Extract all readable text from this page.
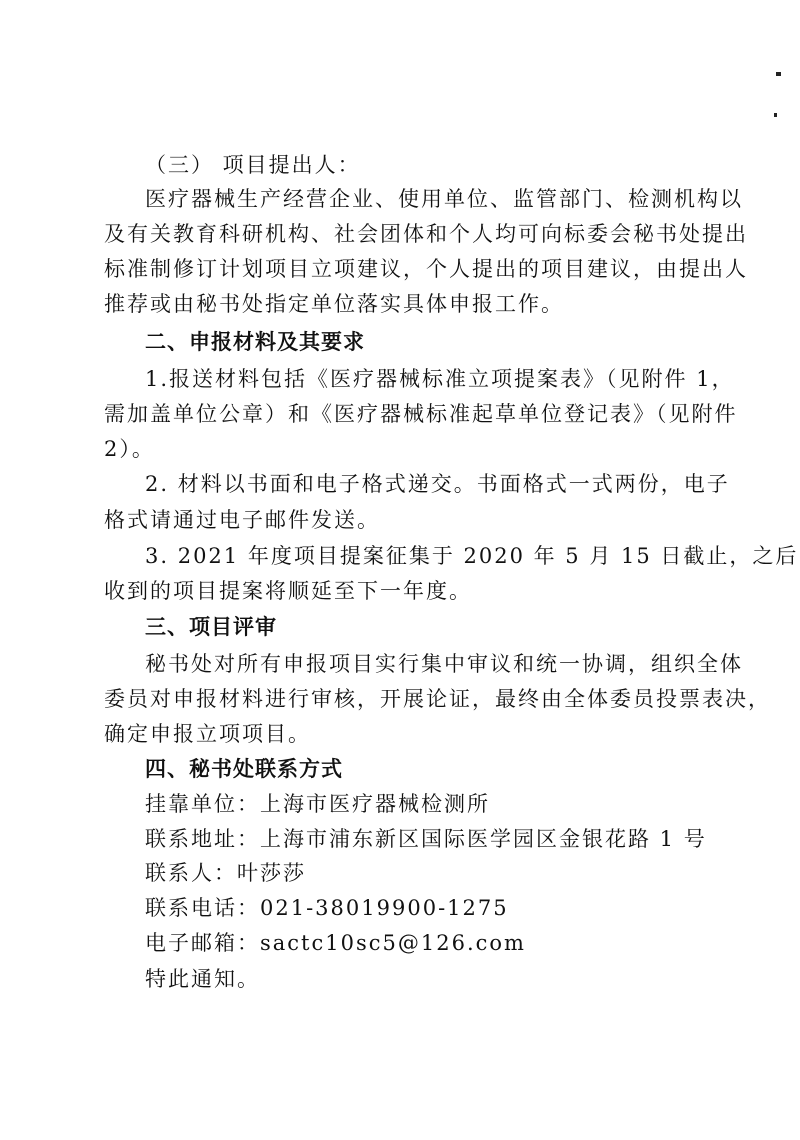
（三） 项目提出人：
医疗器械生产经营企业、使用单位、监管部门、检测机构以
及有关教育科研机构、社会团体和个人均可向标委会秘书处提出
标准制修订计划项目立项建议，个人提出的项目建议，由提出人
推荐或由秘书处指定单位落实具体申报工作。
二、申报材料及其要求
1.报送材料包括《医疗器械标准立项提案表》（见附件 1，
需加盖单位公章）和《医疗器械标准起草单位登记表》（见附件
2）。
2. 材料以书面和电子格式递交。书面格式一式两份，电子
格式请通过电子邮件发送。
3. 2021 年度项目提案征集于 2020 年 5 月 15 日截止，之后
收到的项目提案将顺延至下一年度。
三、项目评审
秘书处对所有申报项目实行集中审议和统一协调，组织全体
委员对申报材料进行审核，开展论证，最终由全体委员投票表决，
确定申报立项项目。
四、秘书处联系方式
挂靠单位：上海市医疗器械检测所
联系地址：上海市浦东新区国际医学园区金银花路 1 号
联系人：叶莎莎
联系电话：021-38019900-1275
电子邮箱：sactc10sc5@126.com
特此通知。
